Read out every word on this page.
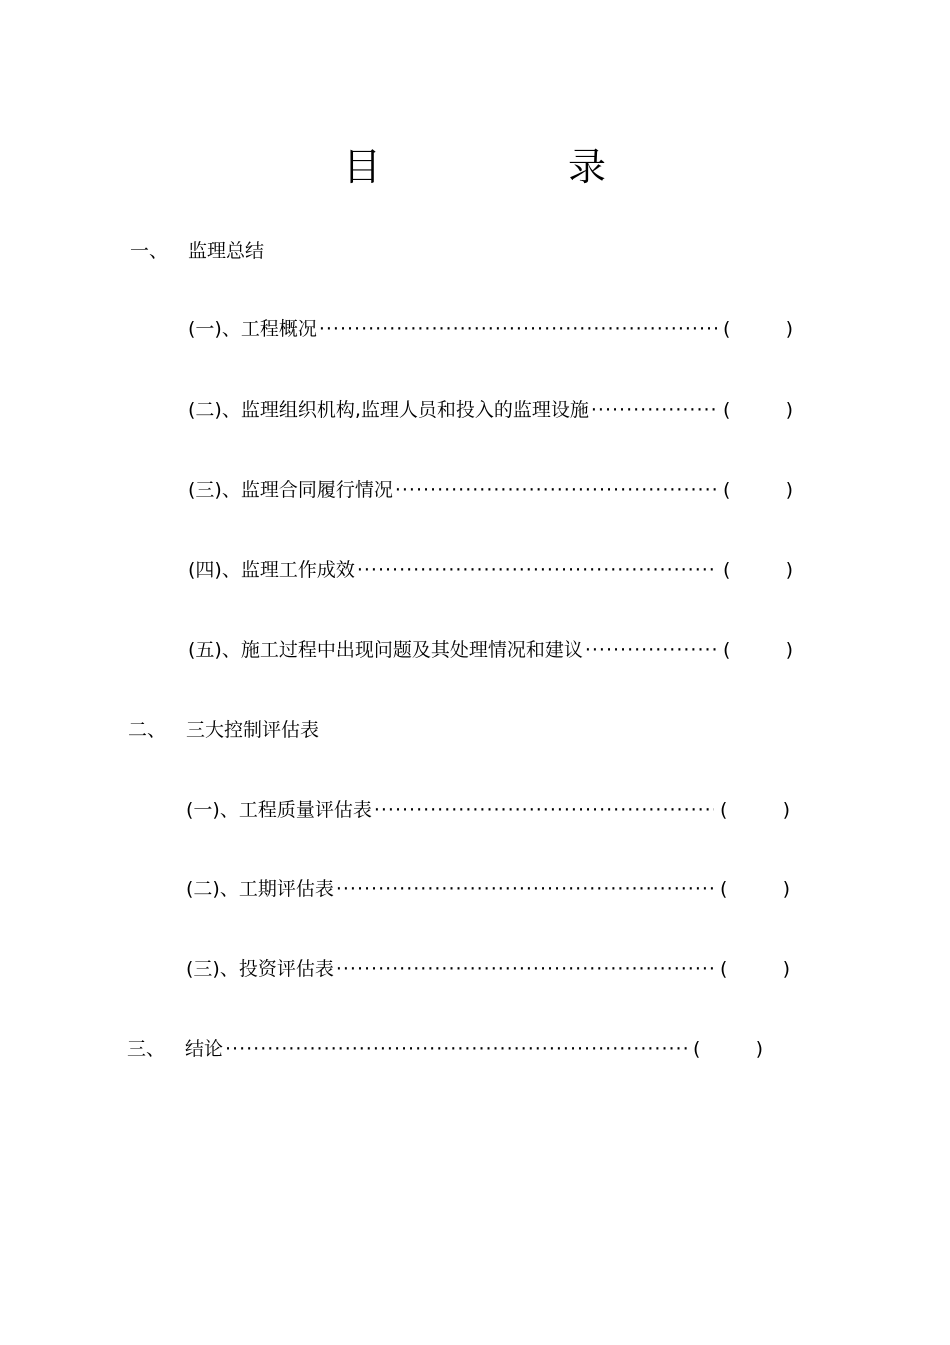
目	录
一、 监理总结
(一)、工程概况 ·····	(	)
(二)、监理组织机构,监理人员和投入的监理设施 ·····	(	)
(三)、监理合同履行情况 ·····	(	)
(四)、监理工作成效 ·····	(	)
(五)、施工过程中出现问题及其处理情况和建议 ·····	(	)
二、 三大控制评估表
(一)、工程质量评估表 ·····	(	)
(二)、工期评估表 ·····	(	)
(三)、投资评估表 ·····	(	)
三、 结论 ·····	(	)
